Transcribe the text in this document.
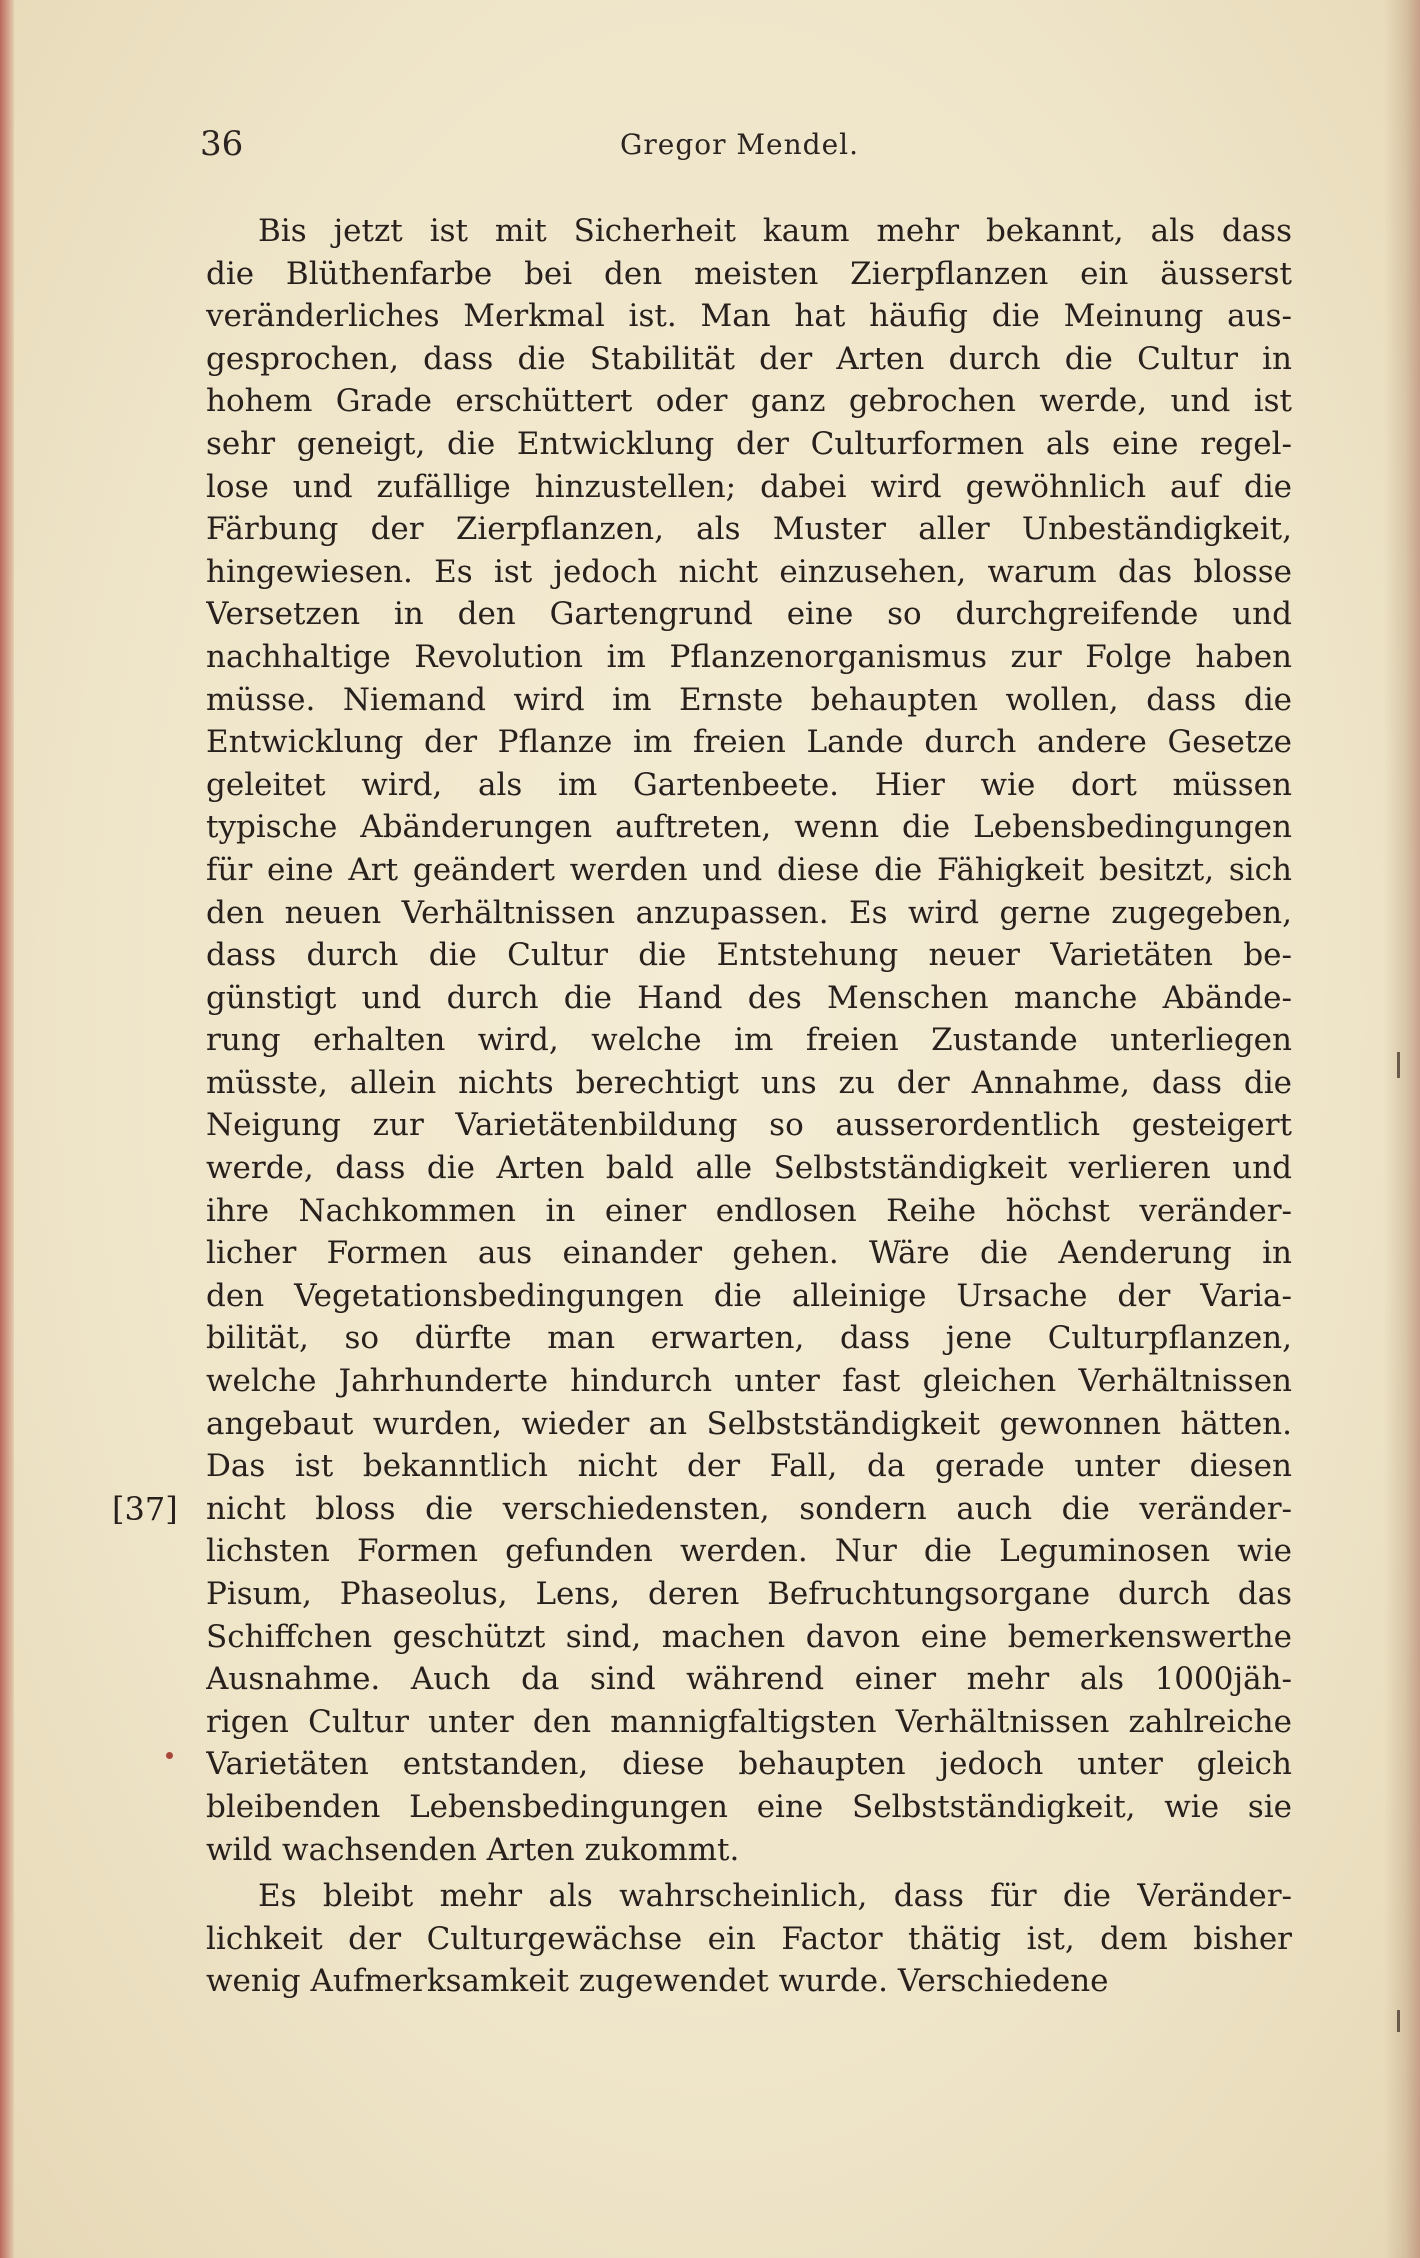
36	Gregor Mendel.
[37]
Bis jetzt ist mit Sicherheit kaum mehr bekannt, als dass
die Blüthenfarbe bei den meisten Zierpflanzen ein äusserst
veränderliches Merkmal ist. Man hat häufig die Meinung aus-
gesprochen, dass die Stabilität der Arten durch die Cultur in
hohem Grade erschüttert oder ganz gebrochen werde, und ist
sehr geneigt, die Entwicklung der Culturformen als eine regel-
lose und zufällige hinzustellen; dabei wird gewöhnlich auf die
Färbung der Zierpflanzen, als Muster aller Unbeständigkeit,
hingewiesen. Es ist jedoch nicht einzusehen, warum das blosse
Versetzen in den Gartengrund eine so durchgreifende und
nachhaltige Revolution im Pflanzenorganismus zur Folge haben
müsse. Niemand wird im Ernste behaupten wollen, dass die
Entwicklung der Pflanze im freien Lande durch andere Gesetze
geleitet wird, als im Gartenbeete. Hier wie dort müssen
typische Abänderungen auftreten, wenn die Lebensbedingungen
für eine Art geändert werden und diese die Fähigkeit besitzt, sich
den neuen Verhältnissen anzupassen. Es wird gerne zugegeben,
dass durch die Cultur die Entstehung neuer Varietäten be-
günstigt und durch die Hand des Menschen manche Abände-
rung erhalten wird, welche im freien Zustande unterliegen
müsste, allein nichts berechtigt uns zu der Annahme, dass die
Neigung zur Varietätenbildung so ausserordentlich gesteigert
werde, dass die Arten bald alle Selbstständigkeit verlieren und
ihre Nachkommen in einer endlosen Reihe höchst veränder-
licher Formen aus einander gehen. Wäre die Aenderung in
den Vegetationsbedingungen die alleinige Ursache der Varia-
bilität, so dürfte man erwarten, dass jene Culturpflanzen,
welche Jahrhunderte hindurch unter fast gleichen Verhältnissen
angebaut wurden, wieder an Selbstständigkeit gewonnen hätten.
Das ist bekanntlich nicht der Fall, da gerade unter diesen
nicht bloss die verschiedensten, sondern auch die veränder-
lichsten Formen gefunden werden. Nur die Leguminosen wie
Pisum, Phaseolus, Lens, deren Befruchtungsorgane durch das
Schiffchen geschützt sind, machen davon eine bemerkenswerthe
Ausnahme. Auch da sind während einer mehr als 1000jäh-
rigen Cultur unter den mannigfaltigsten Verhältnissen zahlreiche
Varietäten entstanden, diese behaupten jedoch unter gleich
bleibenden Lebensbedingungen eine Selbstständigkeit, wie sie
wild wachsenden Arten zukommt.
Es bleibt mehr als wahrscheinlich, dass für die Veränder-
lichkeit der Culturgewächse ein Factor thätig ist, dem bisher
wenig Aufmerksamkeit zugewendet wurde. Verschiedene
